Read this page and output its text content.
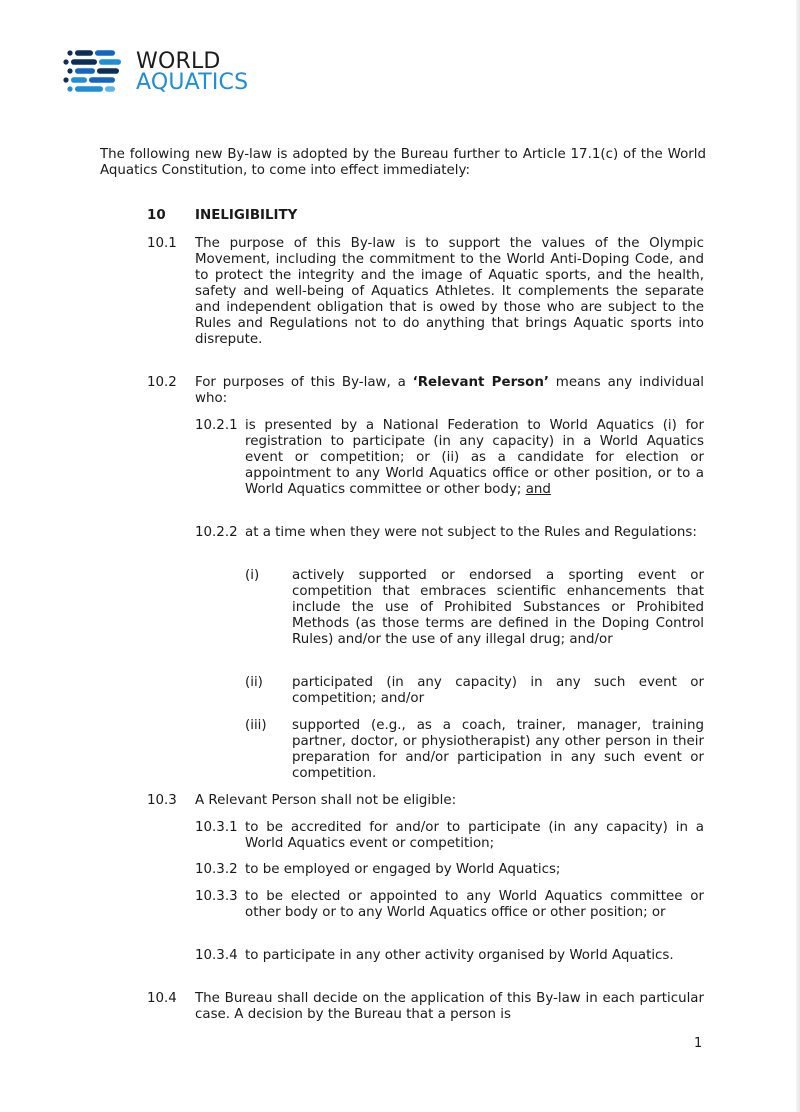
WORLD
AQUATICS

The following new By-law is adopted by the Bureau further to Article 17.1(c) of the World Aquatics Constitution, to come into effect immediately:

10 INELIGIBILITY

10.1 The purpose of this By-law is to support the values of the Olympic Movement, including the commitment to the World Anti-Doping Code, and to protect the integrity and the image of Aquatic sports, and the health, safety and well-being of Aquatics Athletes. It complements the separate and independent obligation that is owed by those who are subject to the Rules and Regulations not to do anything that brings Aquatic sports into disrepute.

10.2 For purposes of this By-law, a ‘Relevant Person’ means any individual who:

10.2.1 is presented by a National Federation to World Aquatics (i) for registration to participate (in any capacity) in a World Aquatics event or competition; or (ii) as a candidate for election or appointment to any World Aquatics office or other position, or to a World Aquatics committee or other body; and

10.2.2 at a time when they were not subject to the Rules and Regulations:

(i) actively supported or endorsed a sporting event or competition that embraces scientific enhancements that include the use of Prohibited Substances or Prohibited Methods (as those terms are defined in the Doping Control Rules) and/or the use of any illegal drug; and/or

(ii) participated (in any capacity) in any such event or competition; and/or

(iii) supported (e.g., as a coach, trainer, manager, training partner, doctor, or physiotherapist) any other person in their preparation for and/or participation in any such event or competition.

10.3 A Relevant Person shall not be eligible:

10.3.1 to be accredited for and/or to participate (in any capacity) in a World Aquatics event or competition;

10.3.2 to be employed or engaged by World Aquatics;

10.3.3 to be elected or appointed to any World Aquatics committee or other body or to any World Aquatics office or other position; or

10.3.4 to participate in any other activity organised by World Aquatics.

10.4 The Bureau shall decide on the application of this By-law in each particular case. A decision by the Bureau that a person is

1
